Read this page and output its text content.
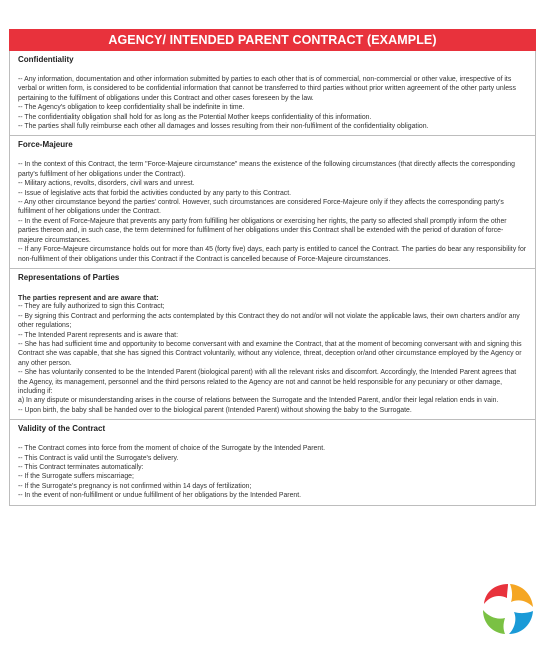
AGENCY/ INTENDED PARENT CONTRACT (EXAMPLE)
Confidentiality

-- Any information, documentation and other information submitted by parties to each other that is of commercial, non-commercial or other value, irrespective of its verbal or written form, is considered to be confidential information that cannot be transferred to third parties without prior written agreement of the other party unless pertaining to the fulfilment of obligations under this Contract and other cases foreseen by the law.

-- The Agency's obligation to keep confidentiality shall be indefinite in time.

-- The confidentiality obligation shall hold for as long as the Potential Mother keeps confidentiality of this information.

-- The parties shall fully reimburse each other all damages and losses resulting from their non-fulfilment of the confidentiality obligation.

Force-Majeure

-- In the context of this Contract, the term "Force-Majeure circumstance" means the existence of the following circumstances (that directly affects the corresponding party's fulfilment of her obligations under the Contract).

-- Military actions, revolts, disorders, civil wars and unrest.

-- Issue of legislative acts that forbid the activities conducted by any party to this Contract.

-- Any other circumstance beyond the parties' control. However, such circumstances are considered Force-Majeure only if they affects the corresponding party's fulfilment of her obligations under the Contract.

-- In the event of Force-Majeure that prevents any party from fulfilling her obligations or exercising her rights, the party so affected shall promptly inform the other parties thereon and, in such case, the term determined for fulfilment of her obligations under this Contract shall be extended with the period of duration of force-majeure circumstances.

-- If any Force-Majeure circumstance holds out for more than 45 (forty five) days, each party is entitled to cancel the Contract. The parties do bear any responsibility for non-fulfilment of their obligations under this Contract if the Contract is cancelled because of Force-Majeure circumstances.

Representations of Parties

The parties represent and are aware that:

-- They are fully authorized to sign this Contract;

-- By signing this Contract and performing the acts contemplated by this Contract they do not and/or will not violate the applicable laws, their own charters and/or any other regulations;

-- The Intended Parent represents and is aware that:

-- She has had sufficient time and opportunity to become conversant with and examine the Contract, that at the moment of becoming conversant with and signing this Contract she was capable, that she has signed this Contract voluntarily, without any violence, threat, deception or/and other circumstance employed by the Agency or any other person.

-- She has voluntarily consented to be the Intended Parent (biological parent) with all the relevant risks and discomfort. Accordingly, the Intended Parent agrees that the Agency, its management, personnel and the third persons related to the Agency are not and cannot be held responsible for any pecuniary or other damage, including if:

a) In any dispute or misunderstanding arises in the course of relations between the Surrogate and the Intended Parent, and/or their legal relation ends in vain.

-- Upon birth, the baby shall be handed over to the biological parent (Intended Parent) without showing the baby to the Surrogate.

Validity of the Contract

-- The Contract comes into force from the moment of choice of the Surrogate by the Intended Parent.

-- This Contract is valid until the Surrogate's delivery.

-- This Contract terminates automatically:

-- If the Surrogate suffers miscarriage;

-- If the Surrogate's pregnancy is not confirmed within 14 days of fertilization;

-- In the event of non-fulfillment or undue fulfillment of her obligations by the Intended Parent.
